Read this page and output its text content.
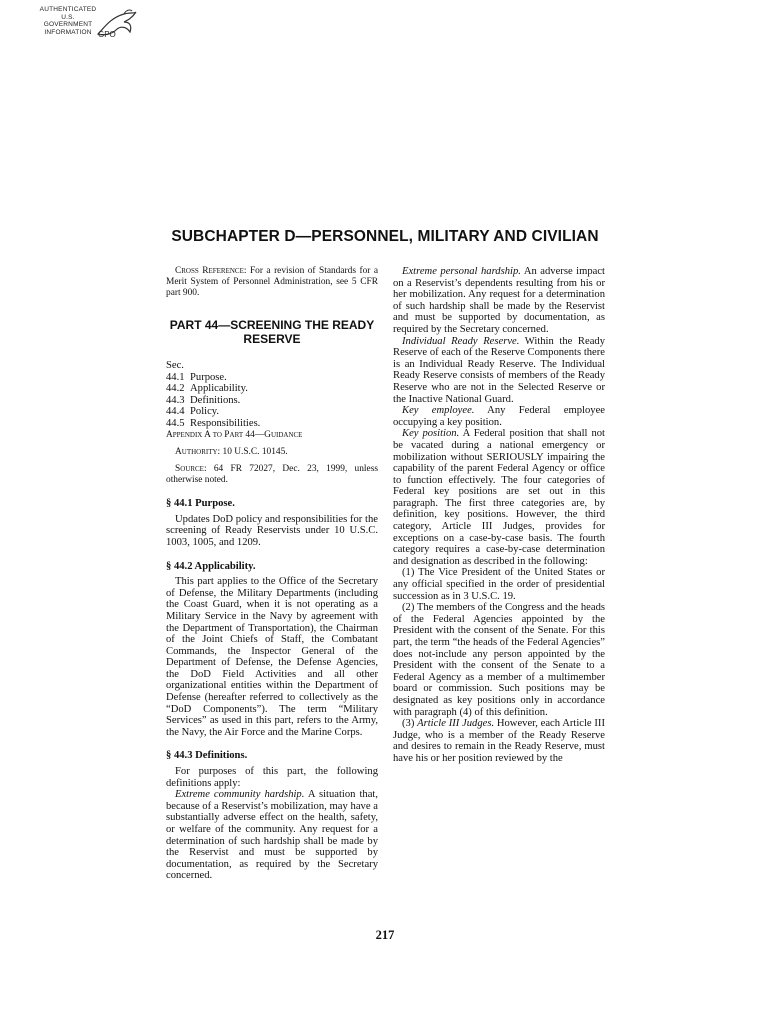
AUTHENTICATED
U.S. GOVERNMENT
INFORMATION GPO
SUBCHAPTER D—PERSONNEL, MILITARY AND CIVILIAN

Cross Reference: For a revision of Standards for a Merit System of Personnel Administration, see 5 CFR part 900.

PART 44—SCREENING THE READY RESERVE
Sec.
44.1 Purpose.
44.2 Applicability.
44.3 Definitions.
44.4 Policy.
44.5 Responsibilities.
Appendix A to Part 44—Guidance

Authority: 10 U.S.C. 10145.

Source: 64 FR 72027, Dec. 23, 1999, unless otherwise noted.

§ 44.1 Purpose.

Updates DoD policy and responsibilities for the screening of Ready Reservists under 10 U.S.C. 1003, 1005, and 1209.

§ 44.2 Applicability.

This part applies to the Office of the Secretary of Defense, the Military Departments (including the Coast Guard, when it is not operating as a Military Service in the Navy by agreement with the Department of Transportation), the Chairman of the Joint Chiefs of Staff, the Combatant Commands, the Inspector General of the Department of Defense, the Defense Agencies, the DoD Field Activities and all other organizational entities within the Department of Defense (hereafter referred to collectively as the “DoD Components”). The term “Military Services” as used in this part, refers to the Army, the Navy, the Air Force and the Marine Corps.

§ 44.3 Definitions.

For purposes of this part, the following definitions apply:

Extreme community hardship. A situation that, because of a Reservist’s mobilization, may have a substantially adverse effect on the health, safety, or welfare of the community. Any request for a determination of such hardship shall be made by the Reservist and must be supported by documentation, as required by the Secretary concerned.

Extreme personal hardship. An adverse impact on a Reservist’s dependents resulting from his or her mobilization. Any request for a determination of such hardship shall be made by the Reservist and must be supported by documentation, as required by the Secretary concerned.

Individual Ready Reserve. Within the Ready Reserve of each of the Reserve Components there is an Individual Ready Reserve. The Individual Ready Reserve consists of members of the Ready Reserve who are not in the Selected Reserve or the Inactive National Guard.

Key employee. Any Federal employee occupying a key position.

Key position. A Federal position that shall not be vacated during a national emergency or mobilization without SERIOUSLY impairing the capability of the parent Federal Agency or office to function effectively. The four categories of Federal key positions are set out in this paragraph. The first three categories are, by definition, key positions. However, the third category, Article III Judges, provides for exceptions on a case-by-case basis. The fourth category requires a case-by-case determination and designation as described in the following:

(1) The Vice President of the United States or any official specified in the order of presidential succession as in 3 U.S.C. 19.

(2) The members of the Congress and the heads of the Federal Agencies appointed by the President with the consent of the Senate. For this part, the term “the heads of the Federal Agencies” does not-include any person appointed by the President with the consent of the Senate to a Federal Agency as a member of a multimember board or commission. Such positions may be designated as key positions only in accordance with paragraph (4) of this definition.

(3) Article III Judges. However, each Article III Judge, who is a member of the Ready Reserve and desires to remain in the Ready Reserve, must have his or her position reviewed by the

217
